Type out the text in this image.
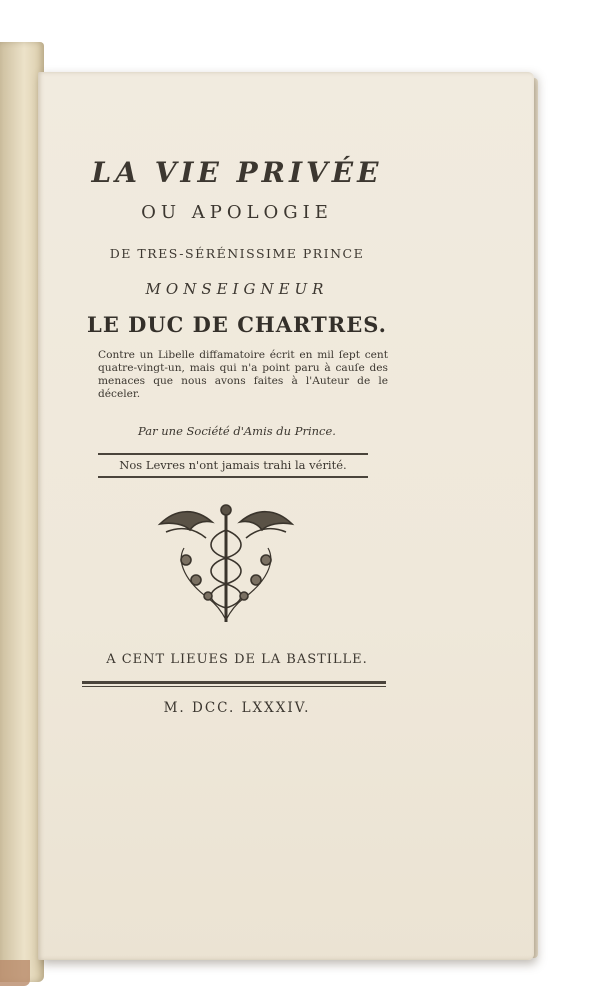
LA VIE PRIVÉE
OU APOLOGIE
DE TRES-SÉRÉNISSIME PRINCE
MONSEIGNEUR
LE DUC DE CHARTRES.
Contre un Libelle diffamatoire écrit en mil ſept cent quatre-vingt-un, mais qui n'a point paru à cauſe des menaces que nous avons faites à l'Auteur de le déceler.
Par une Société d'Amis du Prince.
Nos Levres n'ont jamais trahi la vérité.
A CENT LIEUES DE LA BASTILLE.
M. DCC. LXXXIV.
